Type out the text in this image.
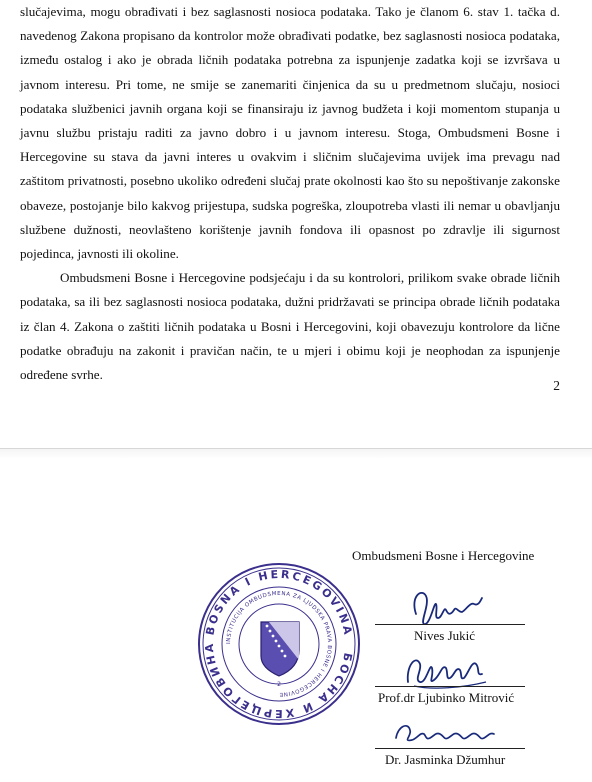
slučajevima, mogu obrađivati i bez saglasnosti nosioca podataka. Tako je članom 6. stav 1. tačka d. navedenog Zakona propisano da kontrolor može obrađivati podatke, bez saglasnosti nosioca podataka, između ostalog i ako je obrada ličnih podataka potrebna za ispunjenje zadatka koji se izvršava u javnom interesu. Pri tome, ne smije se zanemariti činjenica da su u predmetnom slučaju, nosioci podataka službenici javnih organa koji se finansiraju iz javnog budžeta i koji momentom stupanja u javnu službu pristaju raditi za javno dobro i u javnom interesu. Stoga, Ombudsmeni Bosne i Hercegovine su stava da javni interes u ovakvim i sličnim slučajevima uvijek ima prevagu nad zaštitom privatnosti, posebno ukoliko određeni slučaj prate okolnosti kao što su nepoštivanje zakonske obaveze, postojanje bilo kakvog prijestupa, sudska pogreška, zloupotreba vlasti ili nemar u obavljanju službene dužnosti, neovlašteno korištenje javnih fondova ili opasnost po zdravlje ili sigurnost pojedinca, javnosti ili okoline.

Ombudsmeni Bosne i Hercegovine podsjećaju i da su kontrolori, prilikom svake obrade ličnih podataka, sa ili bez saglasnosti nosioca podataka, dužni pridržavati se principa obrade ličnih podataka iz član 4. Zakona o zaštiti ličnih podataka u Bosni i Hercegovini, koji obavezuju kontrolore da lične podatke obrađuju na zakonit i pravičan način, te u mjeri i obimu koji je neophodan za ispunjenje određene svrhe.

2
BOSNA I HERCEGOVINA
БОСНА И ХЕРЦЕГОВИНА	INSTITUCIJA OMBUDSMENA ZA LJUDSKA PRAVA BOSNE I HERCEGOVINE
2
Ombudsmeni Bosne i Hercegovine
Nives Jukić
Prof.dr Ljubinko Mitrović
Dr. Jasminka Džumhur
